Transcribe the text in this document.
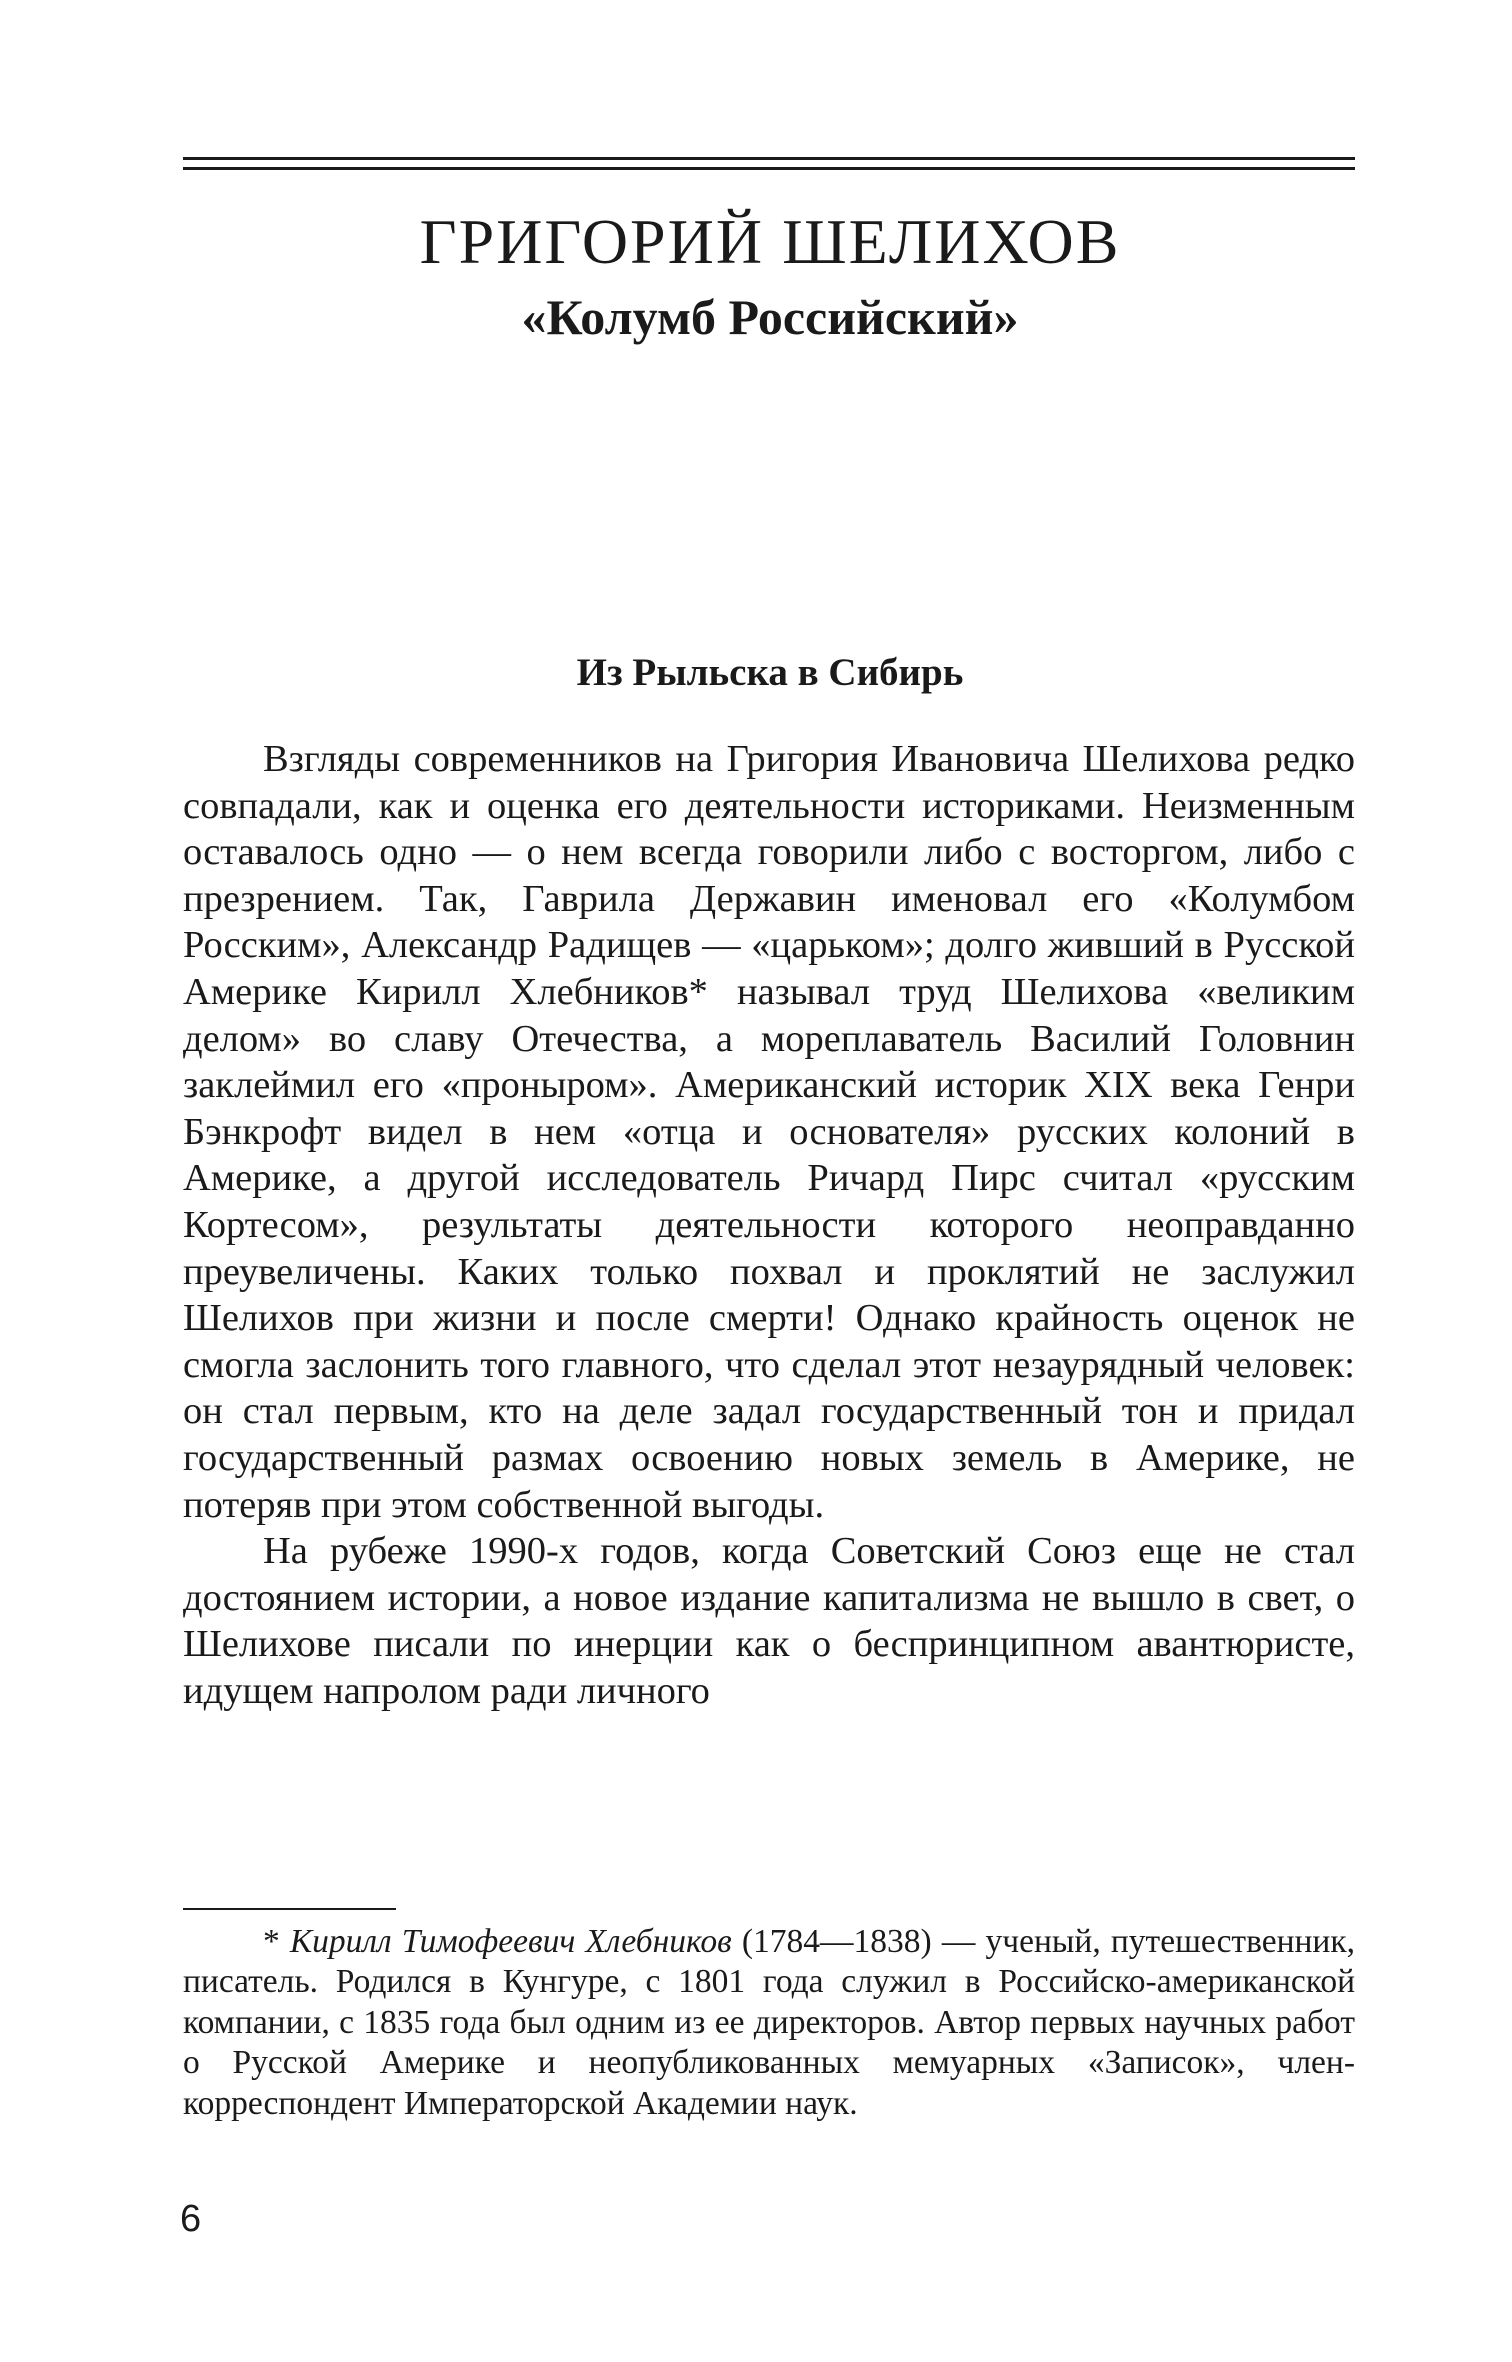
ГРИГОРИЙ ШЕЛИХОВ
«Колумб Российский»
Из Рыльска в Сибирь

Взгляды современников на Григория Ивановича Шелихова редко совпадали, как и оценка его деятельности историками. Неизменным оставалось одно — о нем всегда говорили либо с восторгом, либо с презрением. Так, Гаврила Державин именовал его «Колумбом Росским», Александр Радищев — «царьком»; долго живший в Русской Америке Кирилл Хлебников* называл труд Шелихова «великим делом» во славу Отечества, а мореплаватель Василий Головнин заклеймил его «проныром». Американский историк XIX века Генри Бэнкрофт видел в нем «отца и основателя» русских колоний в Америке, а другой исследователь Ричард Пирс считал «русским Кортесом», результаты деятельности которого неоправданно преувеличены. Каких только похвал и проклятий не заслужил Шелихов при жизни и после смерти! Однако крайность оценок не смогла заслонить того главного, что сделал этот незаурядный человек: он стал первым, кто на деле задал государственный тон и придал государственный размах освоению новых земель в Америке, не потеряв при этом собственной выгоды.

На рубеже 1990-х годов, когда Советский Союз еще не стал достоянием истории, а новое издание капитализма не вышло в свет, о Шелихове писали по инерции как о беспринципном авантюристе, идущем напролом ради личного

* Кирилл Тимофеевич Хлебников (1784—1838) — ученый, путешественник, писатель. Родился в Кунгуре, с 1801 года служил в Российско-американской компании, с 1835 года был одним из ее директоров. Автор первых научных работ о Русской Америке и неопубликованных мемуарных «Записок», член-корреспондент Императорской Академии наук.

6
